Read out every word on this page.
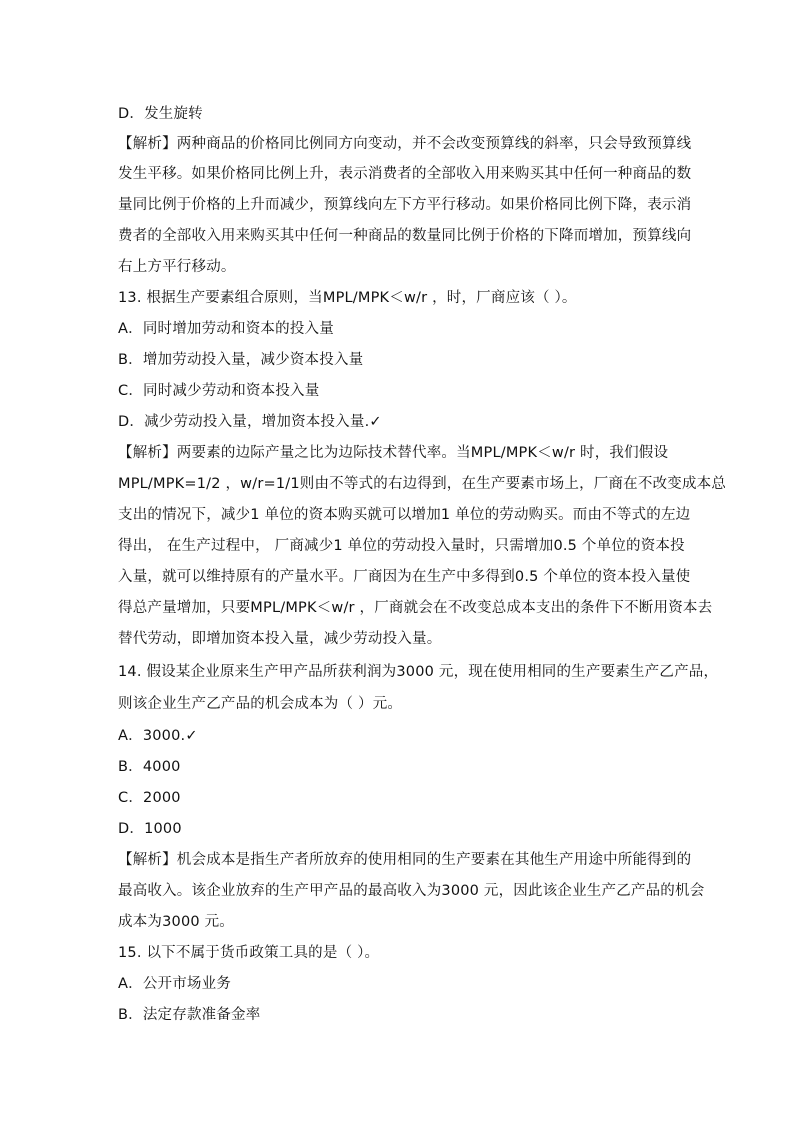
D．发生旋转
【解析】两种商品的价格同比例同方向变动，并不会改变预算线的斜率，只会导致预算线
发生平移。如果价格同比例上升，表示消费者的全部收入用来购买其中任何一种商品的数
量同比例于价格的上升而减少，预算线向左下方平行移动。如果价格同比例下降，表示消
费者的全部收入用来购买其中任何一种商品的数量同比例于价格的下降而增加，预算线向
右上方平行移动。
13. 根据生产要素组合原则，当MPL/MPK＜w/r ，时，厂商应该（ ）。
A．同时增加劳动和资本的投入量
B．增加劳动投入量，减少资本投入量
C．同时减少劳动和资本投入量
D．减少劳动投入量，增加资本投入量.✓
【解析】两要素的边际产量之比为边际技术替代率。当MPL/MPK＜w/r 时，我们假设
MPL/MPK=1/2 ，w/r=1/1则由不等式的右边得到，在生产要素市场上，厂商在不改变成本总
支出的情况下，减少1 单位的资本购买就可以增加1 单位的劳动购买。而由不等式的左边
得出， 在生产过程中， 厂商减少1 单位的劳动投入量时，只需增加0.5 个单位的资本投
入量，就可以维持原有的产量水平。厂商因为在生产中多得到0.5 个单位的资本投入量使
得总产量增加，只要MPL/MPK＜w/r ，厂商就会在不改变总成本支出的条件下不断用资本去
替代劳动，即增加资本投入量，减少劳动投入量。
14. 假设某企业原来生产甲产品所获利润为3000 元，现在使用相同的生产要素生产乙产品，
则该企业生产乙产品的机会成本为（ ）元。
A．3000.✓
B．4000
C．2000
D．1000
【解析】机会成本是指生产者所放弃的使用相同的生产要素在其他生产用途中所能得到的
最高收入。该企业放弃的生产甲产品的最高收入为3000 元，因此该企业生产乙产品的机会
成本为3000 元。
15. 以下不属于货币政策工具的是（ ）。
A．公开市场业务
B．法定存款准备金率
